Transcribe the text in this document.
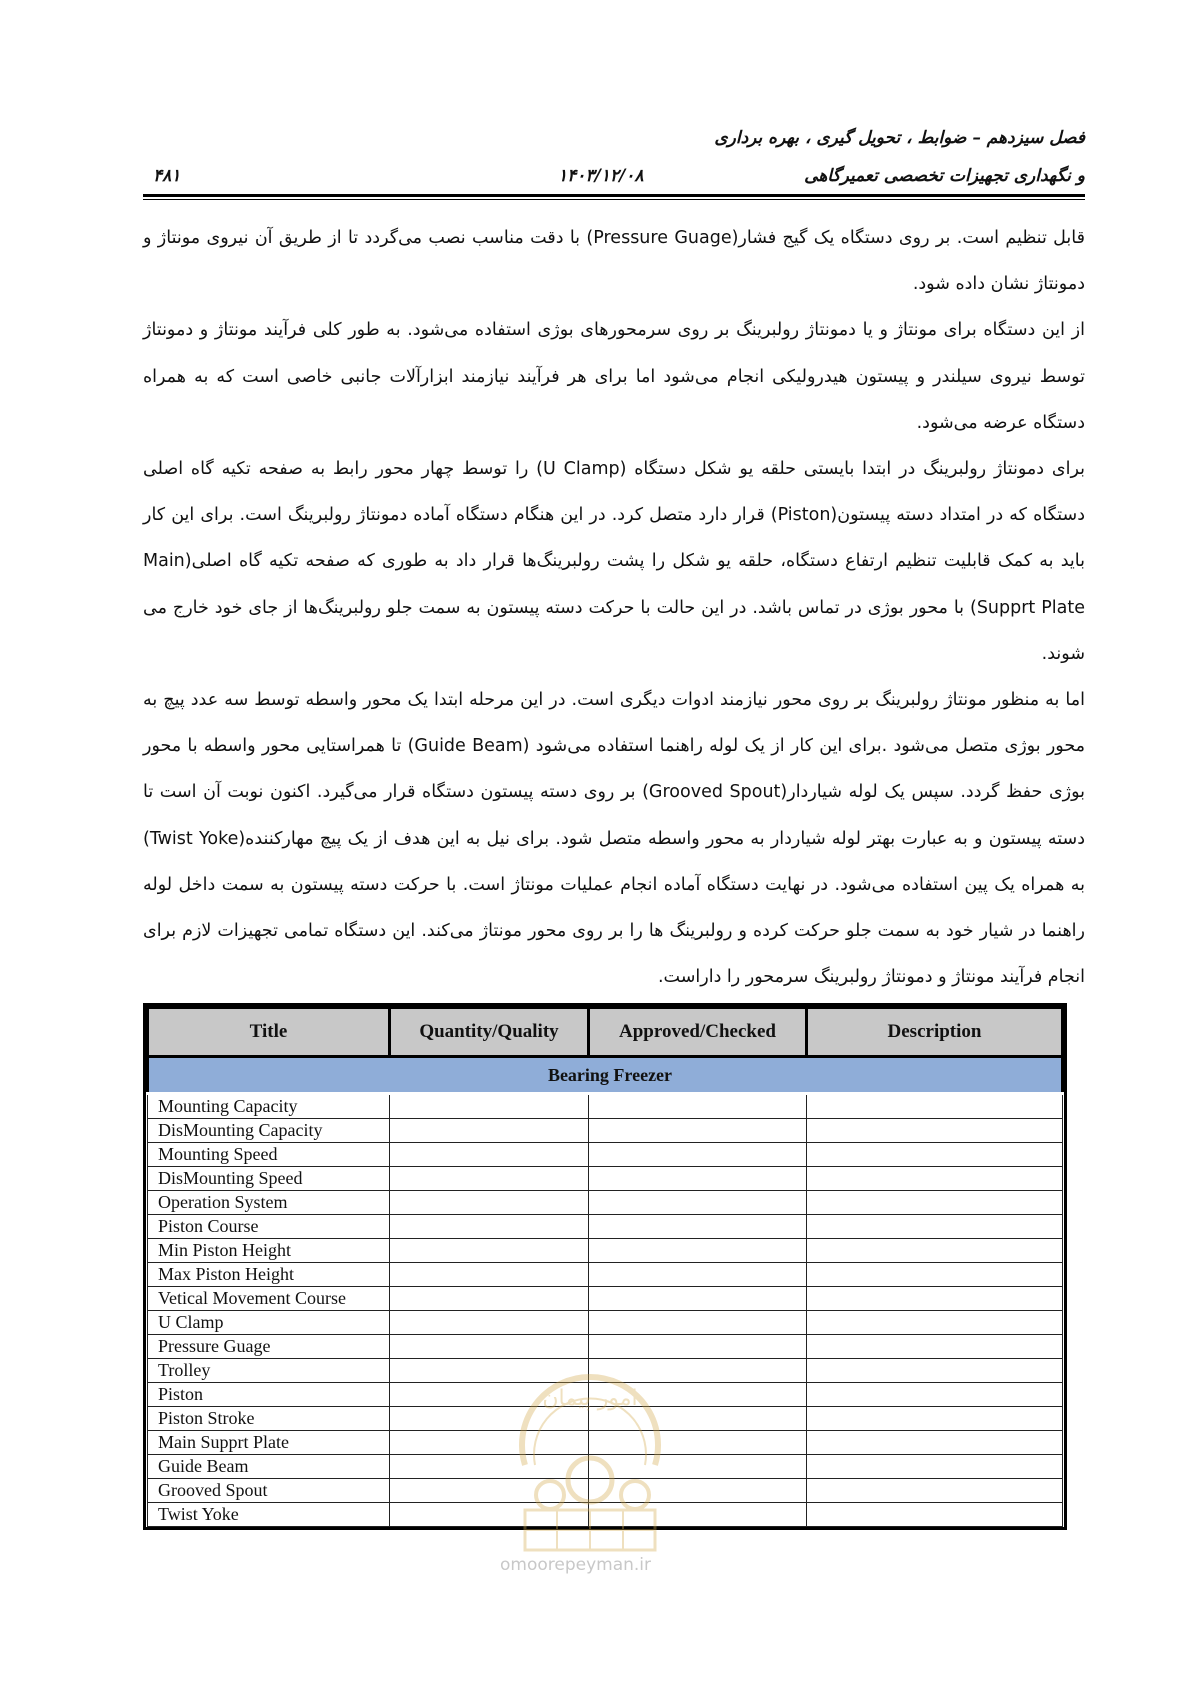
فصل سیزدهم – ضوابط ، تحویل گیری ، بهره برداری
و نگهداری تجهیزات تخصصی تعمیرگاهی
۱۴۰۳/۱۲/۰۸
۴۸۱

قابل تنظیم است. بر روی دستگاه یک گیج فشار(Pressure Guage) با دقت مناسب نصب می‌گردد تا از طریق آن نیروی مونتاژ و دمونتاژ نشان داده شود.

از این دستگاه برای مونتاژ و یا دمونتاژ رولبرینگ بر روی سرمحورهای بوژی استفاده می‌شود. به طور کلی فرآیند مونتاژ و دمونتاژ توسط نیروی سیلندر و پیستون هیدرولیکی انجام می‌شود اما برای هر فرآیند نیازمند ابزارآلات جانبی خاصی است که به همراه دستگاه عرضه می‌شود.

برای دمونتاژ رولبرینگ در ابتدا بایستی حلقه یو شکل دستگاه (U Clamp) را توسط چهار محور رابط به صفحه تکیه گاه اصلی دستگاه که در امتداد دسته پیستون(Piston) قرار دارد متصل کرد. در این هنگام دستگاه آماده دمونتاژ رولبرینگ است. برای این کار باید به کمک قابلیت تنظیم ارتفاع دستگاه، حلقه یو شکل را پشت رولبرینگ‌ها قرار داد به طوری که صفحه تکیه گاه اصلی(Main Supprt Plate) با محور بوژی در تماس باشد. در این حالت با حرکت دسته پیستون به سمت جلو رولبرینگ‌ها از جای خود خارج می شوند.

اما به منظور مونتاژ رولبرینگ بر روی محور نیازمند ادوات دیگری است. در این مرحله ابتدا یک محور واسطه توسط سه عدد پیچ به محور بوژی متصل می‌شود .برای این کار از یک لوله راهنما استفاده می‌شود (Guide Beam) تا همراستایی محور واسطه با محور بوژی حفظ گردد. سپس یک لوله شیاردار(Grooved Spout) بر روی دسته پیستون دستگاه قرار می‌گیرد. اکنون نوبت آن است تا دسته پیستون و به عبارت بهتر لوله شیاردار به محور واسطه متصل شود. برای نیل به این هدف از یک پیچ مهارکننده(Twist Yoke) به همراه یک پین استفاده می‌شود. در نهایت دستگاه آماده انجام عملیات مونتاژ است. با حرکت دسته پیستون به سمت داخل لوله راهنما در شیار خود به سمت جلو حرکت کرده و رولبرینگ ها را بر روی محور مونتاژ می‌کند. این دستگاه تمامی تجهیزات لازم برای انجام فرآیند مونتاژ و دمونتاژ رولبرینگ سرمحور را داراست.

Title	Quantity/Quality	Approved/Checked	Description
Bearing Freezer			
Mounting Capacity			
DisMounting Capacity			
Mounting Speed			
DisMounting Speed			
Operation System			
Piston Course			
Min Piston Height			
Max Piston Height			
Vetical Movement Course			
U Clamp			
Pressure Guage			
Trolley			
Piston			
Piston Stroke			
Main Supprt Plate			
Guide Beam			
Grooved Spout			
Twist Yoke			
امور پیمان
omoorepeyman.ir
